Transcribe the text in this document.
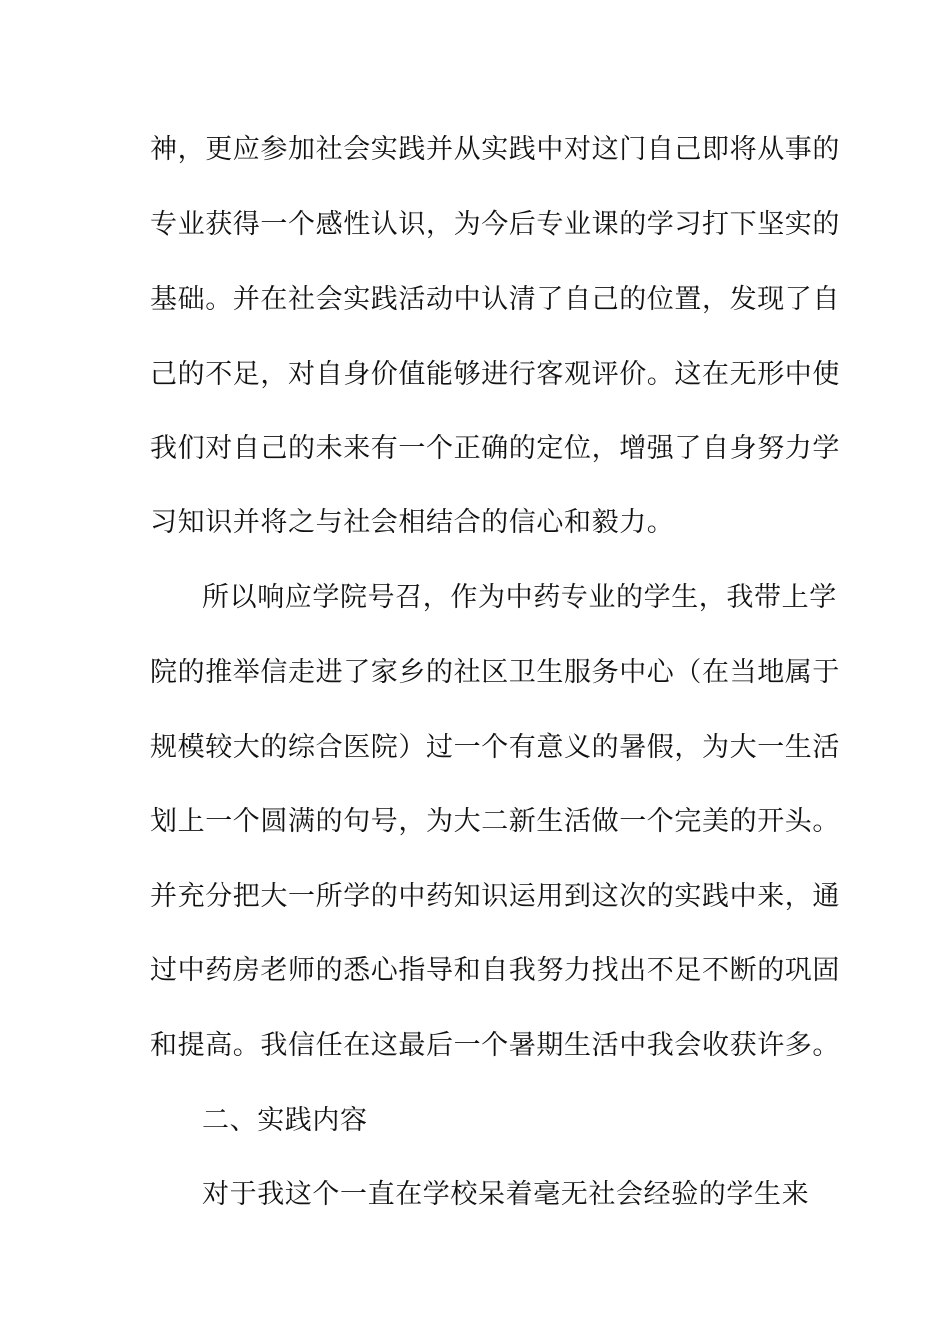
神，更应参加社会实践并从实践中对这门自己即将从事的
专业获得一个感性认识，为今后专业课的学习打下坚实的
基础。并在社会实践活动中认清了自己的位置，发现了自
己的不足，对自身价值能够进行客观评价。这在无形中使
我们对自己的未来有一个正确的定位，增强了自身努力学
习知识并将之与社会相结合的信心和毅力。
所以响应学院号召，作为中药专业的学生，我带上学
院的推举信走进了家乡的社区卫生服务中心（在当地属于
规模较大的综合医院）过一个有意义的暑假，为大一生活
划上一个圆满的句号，为大二新生活做一个完美的开头。
并充分把大一所学的中药知识运用到这次的实践中来，通
过中药房老师的悉心指导和自我努力找出不足不断的巩固
和提高。我信任在这最后一个暑期生活中我会收获许多。
二、实践内容
对于我这个一直在学校呆着毫无社会经验的学生来
